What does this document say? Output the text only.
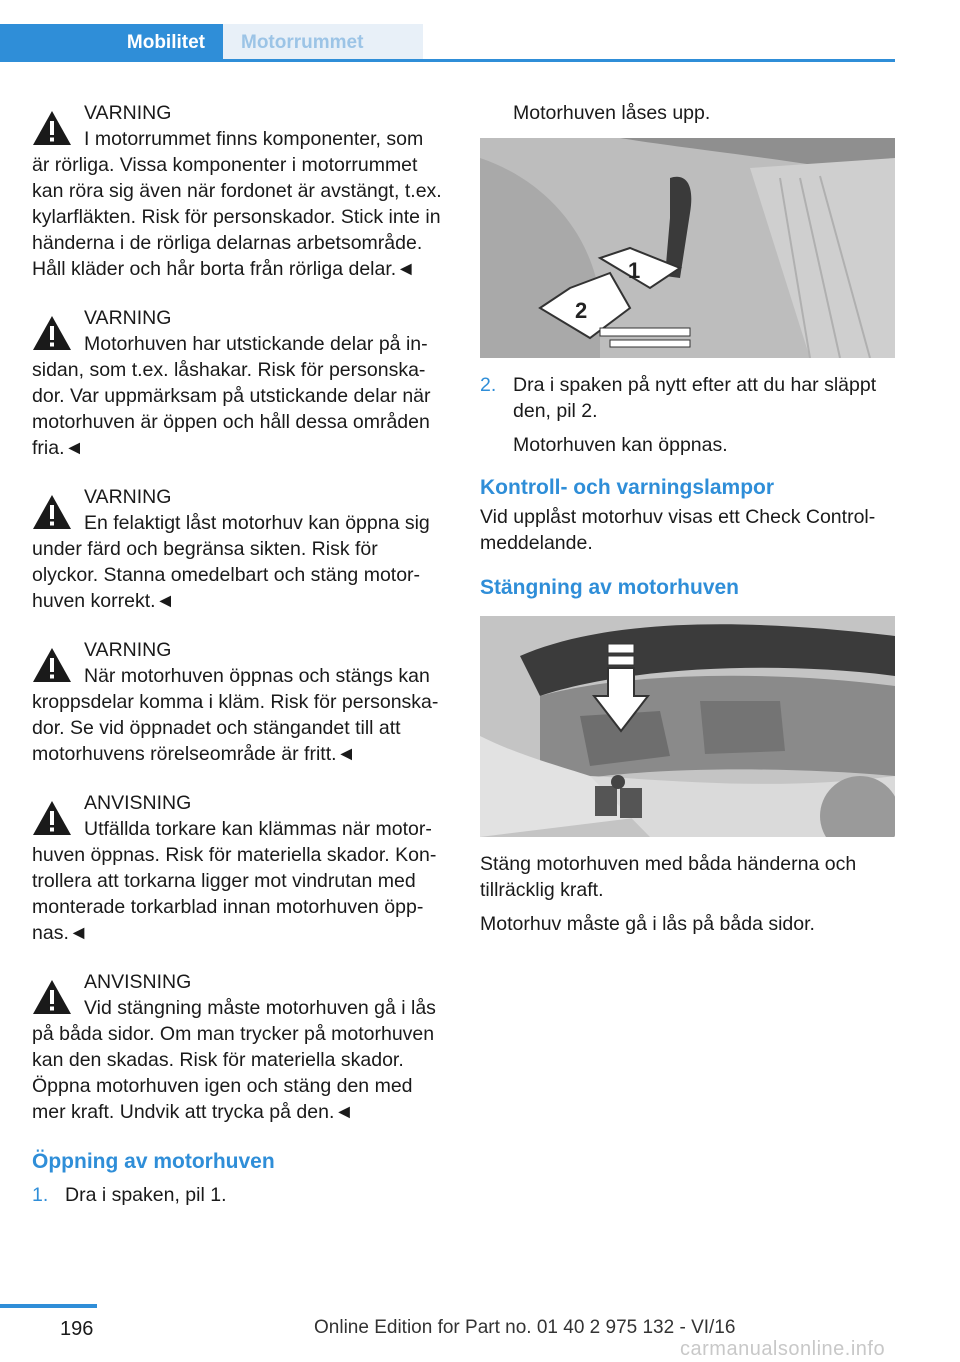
Mobilitet	Motorrummet
VARNING
I motorrummet finns komponenter, som
är rörliga. Vissa komponenter i motorrummet kan röra sig även när fordonet är avstängt, t.ex. kylarfläkten. Risk för personskador. Stick inte in händerna i de rörliga delarnas arbetsområde. Håll kläder och hår borta från rörliga delar.◄
VARNING
Motorhuven har utstickande delar på in-
sidan, som t.ex. låshakar. Risk för personskador. Var uppmärksam på utstickande delar när motorhuven är öppen och håll dessa områden fria.◄
VARNING
En felaktigt låst motorhuv kan öppna sig
under färd och begränsa sikten. Risk för olyckor. Stanna omedelbart och stäng motorhuven korrekt.◄
VARNING
När motorhuven öppnas och stängs kan
kroppsdelar komma i kläm. Risk för personskador. Se vid öppnadet och stängandet till att motorhuvens rörelseområde är fritt.◄
ANVISNING
Utfällda torkare kan klämmas när motor-
huven öppnas. Risk för materiella skador. Kontrollera att torkarna ligger mot vindrutan med monterade torkarblad innan motorhuven öppnas.◄
ANVISNING
Vid stängning måste motorhuven gå i lås
på båda sidor. Om man trycker på motorhuven kan den skadas. Risk för materiella skador. Öppna motorhuven igen och stäng den med mer kraft. Undvik att trycka på den.◄
Öppning av motorhuven
1. Dra i spaken, pil 1.
Motorhuven låses upp.
1
2
2. Dra i spaken på nytt efter att du har släppt den, pil 2.
Motorhuven kan öppnas.
Kontroll- och varningslampor
Vid upplåst motorhuv visas ett Check Control-meddelande.
Stängning av motorhuven
Stäng motorhuven med båda händerna och tillräcklig kraft.
Motorhuv måste gå i lås på båda sidor.
196	Online Edition for Part no. 01 40 2 975 132 - VI/16
carmanualsonline.info
